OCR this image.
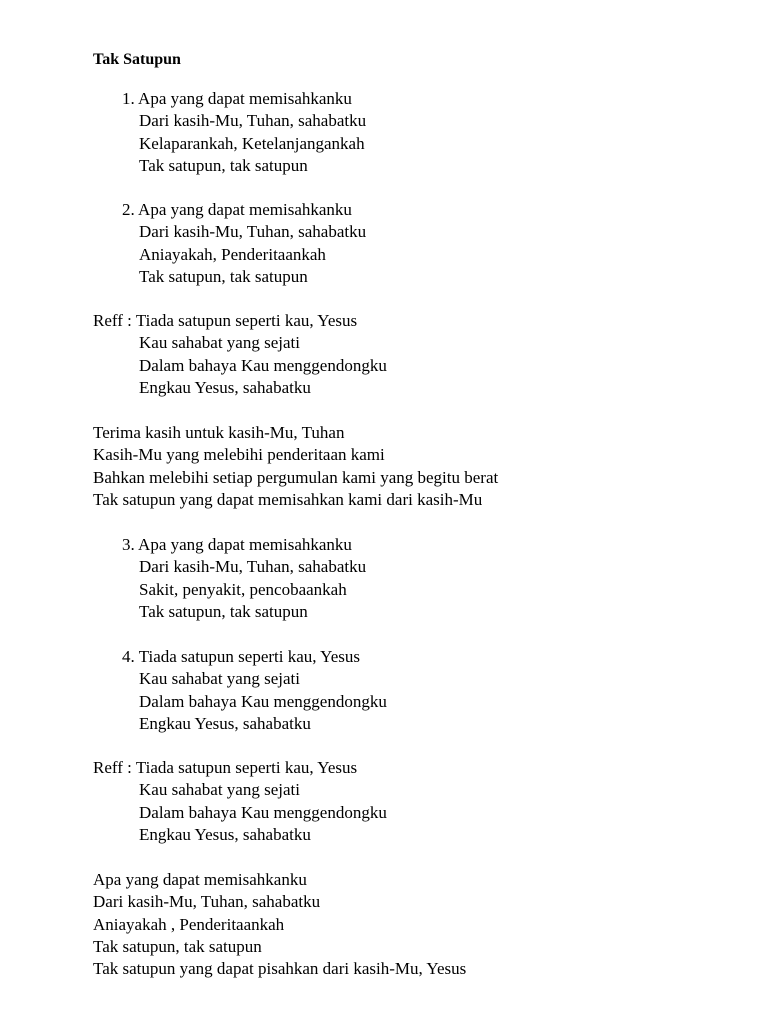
Tak Satupun
1. Apa yang dapat memisahkanku
Dari kasih-Mu, Tuhan, sahabatku
Kelaparankah, Ketelanjangankah
Tak satupun, tak satupun
2. Apa yang dapat memisahkanku
Dari kasih-Mu, Tuhan, sahabatku
Aniayakah, Penderitaankah
Tak satupun, tak satupun
Reff : Tiada satupun seperti kau, Yesus
Kau sahabat yang sejati
Dalam bahaya Kau menggendongku
Engkau Yesus, sahabatku
Terima kasih untuk kasih-Mu, Tuhan
Kasih-Mu yang melebihi penderitaan kami
Bahkan melebihi setiap pergumulan kami yang begitu berat
Tak satupun yang dapat memisahkan kami dari kasih-Mu
3. Apa yang dapat memisahkanku
Dari kasih-Mu, Tuhan, sahabatku
Sakit, penyakit, pencobaankah
Tak satupun, tak satupun
4. Tiada satupun seperti kau, Yesus
Kau sahabat yang sejati
Dalam bahaya Kau menggendongku
Engkau Yesus, sahabatku
Reff : Tiada satupun seperti kau, Yesus
Kau sahabat yang sejati
Dalam bahaya Kau menggendongku
Engkau Yesus, sahabatku
Apa yang dapat memisahkanku
Dari kasih-Mu, Tuhan, sahabatku
Aniayakah , Penderitaankah
Tak satupun, tak satupun
Tak satupun yang dapat pisahkan dari kasih-Mu, Yesus
